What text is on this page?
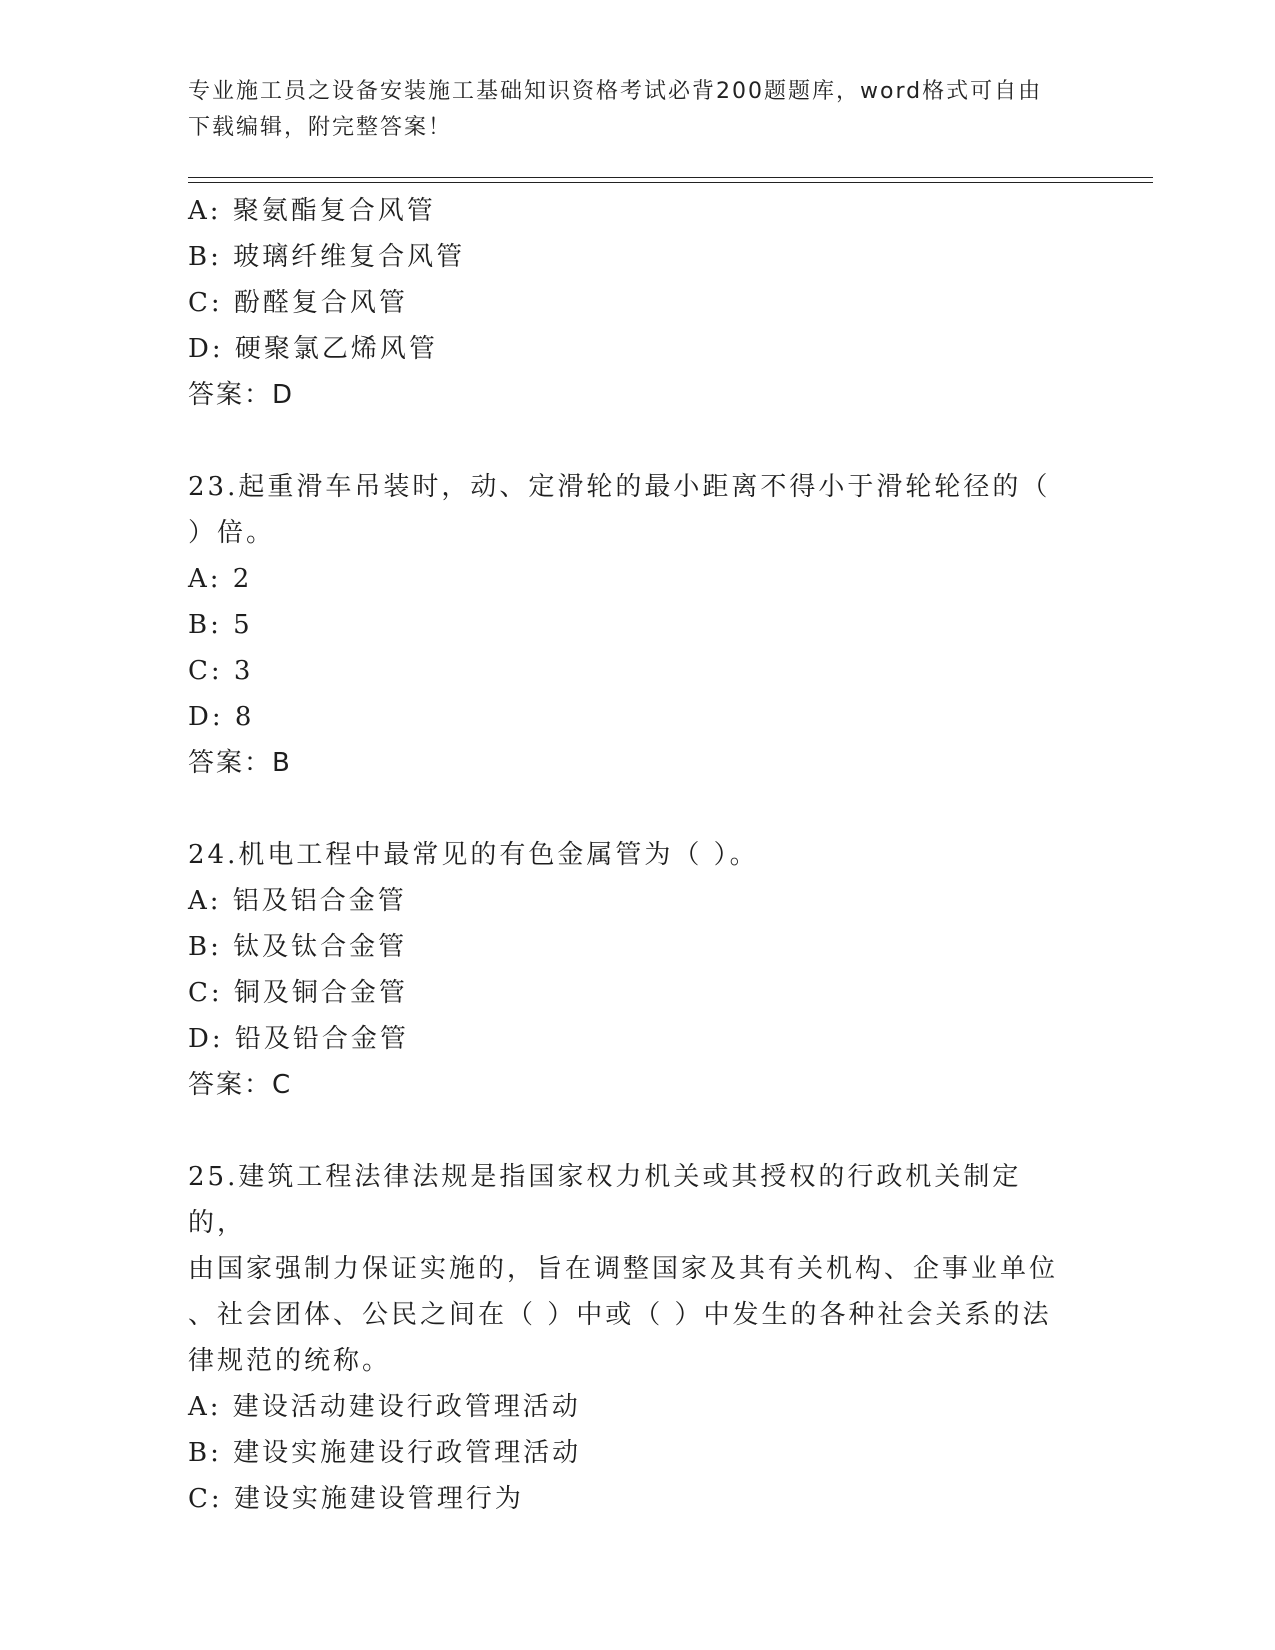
专业施工员之设备安装施工基础知识资格考试必背200题题库，word格式可自由
下载编辑，附完整答案！
A: 聚氨酯复合风管
B: 玻璃纤维复合风管
C: 酚醛复合风管
D: 硬聚氯乙烯风管
答案：D
23.起重滑车吊装时，动、定滑轮的最小距离不得小于滑轮轮径的（
）倍。
A: 2
B: 5
C: 3
D: 8
答案：B
24.机电工程中最常见的有色金属管为（ ）。
A: 铝及铝合金管
B: 钛及钛合金管
C: 铜及铜合金管
D: 铅及铅合金管
答案：C
25.建筑工程法律法规是指国家权力机关或其授权的行政机关制定的，
由国家强制力保证实施的，旨在调整国家及其有关机构、企事业单位
、社会团体、公民之间在（ ）中或（ ）中发生的各种社会关系的法
律规范的统称。
A: 建设活动建设行政管理活动
B: 建设实施建设行政管理活动
C: 建设实施建设管理行为
